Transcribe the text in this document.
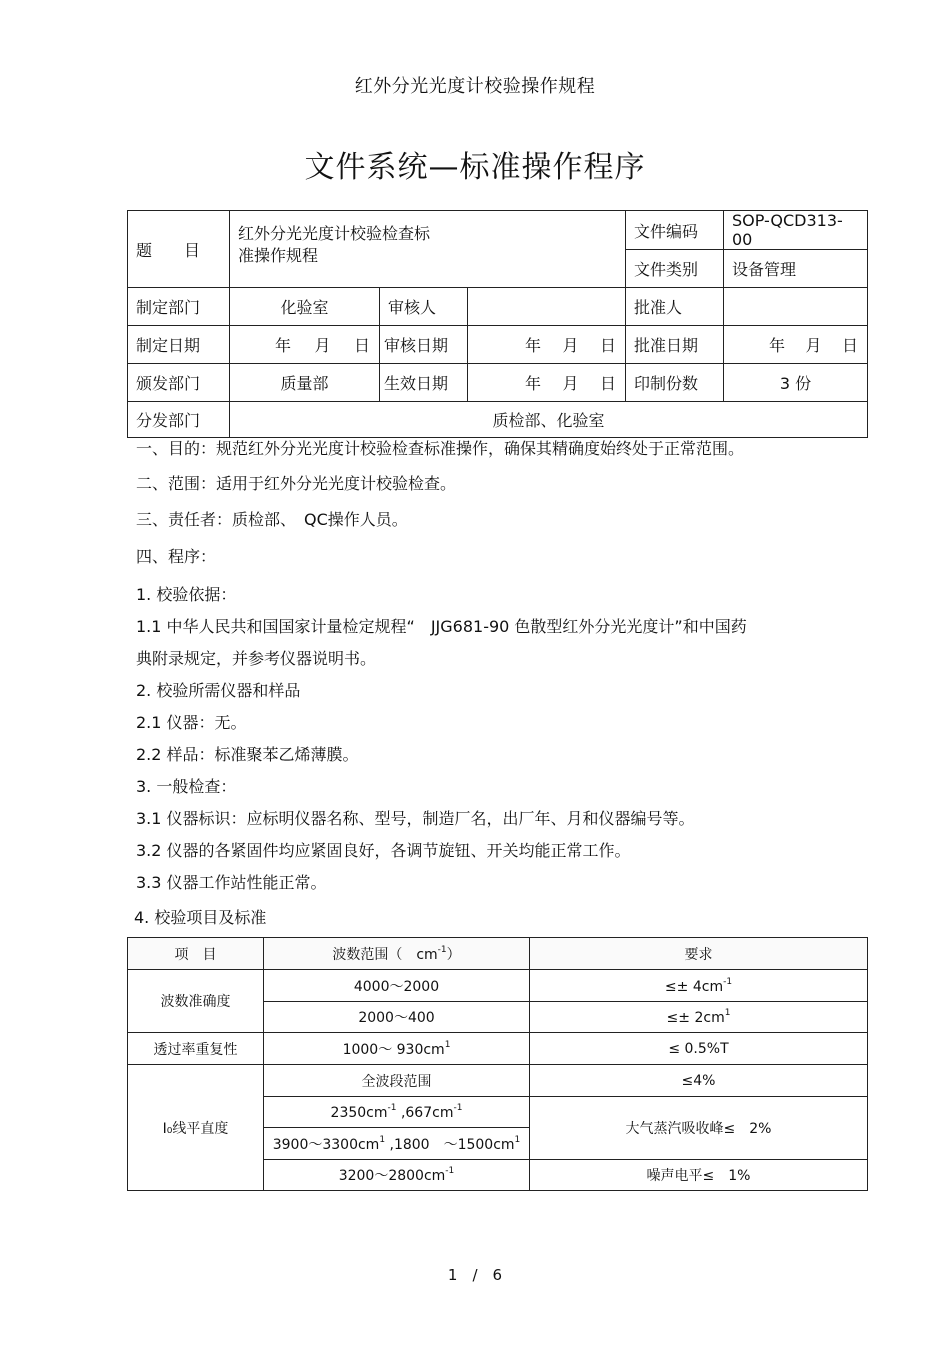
红外分光光度计校验操作规程
文件系统—标准操作程序
题　　目	红外分光光度计校验检查标
准操作规程			文件编码	SOP-QCD313-00
				文件类别	设备管理
制定部门	化验室	审核人		批准人	
制定日期	年 月 日	审核日期	年 月 日	批准日期	年 月 日

颁发部门	质量部	生效日期	年 月 日	印制份数	3 份
分发部门	质检部、化验室				
一、目的：规范红外分光光度计校验检查标准操作，确保其精确度始终处于正常范围。
二、范围：适用于红外分光光度计校验检查。
三、责任者：质检部、　QC操作人员。
四、程序：
1. 校验依据：
1.1 中华人民共和国国家计量检定规程“　JJG681-90 色散型红外分光光度计”和中国药
典附录规定，并参考仪器说明书。
2. 校验所需仪器和样品
2.1 仪器：无。
2.2 样品：标准聚苯乙烯薄膜。
3. 一般检查：
3.1 仪器标识：应标明仪器名称、型号，制造厂名，出厂年、月和仪器编号等。
3.2 仪器的各紧固件均应紧固良好，各调节旋钮、开关均能正常工作。
3.3 仪器工作站性能正常。
4. 校验项目及标准
项　目	波数范围（　$cm^{-1}$）	要求
波数准确度	4000～2000	≤± $4cm^{-1}$
	2000～400	≤± $2cm^1$
透过率重复性	1000～ $930cm^1$	≤ 0.5%T
I₀线平直度	全波段范围	≤4%
	$2350cm^{-1}$ $,667cm^{-1}$	大气蒸汽吸收峰≤　2%
	$3900\sim 3300cm^1$ ,1800　$\sim 1500cm^1$
	$3200\sim 2800cm^{-1}$	噪声电平≤　1%
1　/　6
